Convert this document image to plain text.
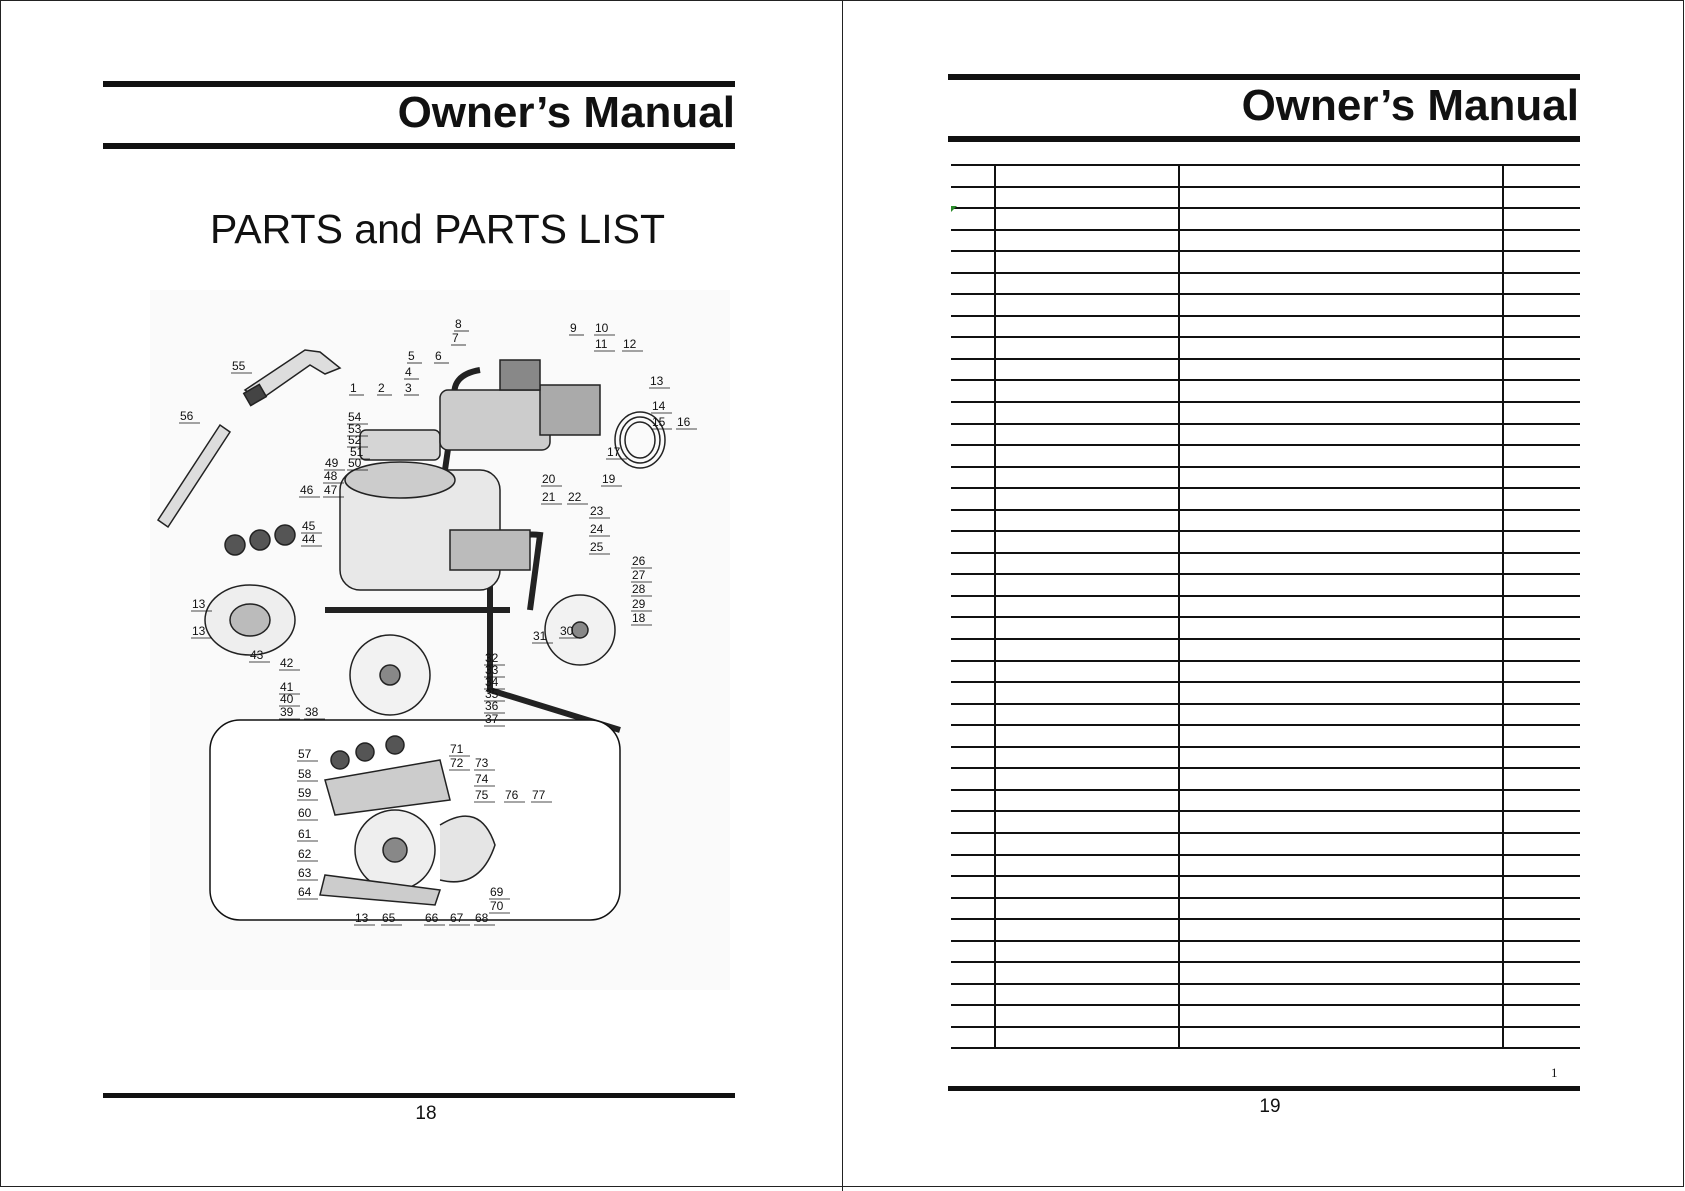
Owner’s Manual
PARTS and PARTS LIST
1 2 3
4
5 6
7
8	9 10
11 12
13
14
15 16
17
18
19
20
21 22
23
24
25
26
27
28
29
30
31
32
33
34
35
36
37
38
39
40
41
42
43
44
45
46 47
48
49 50
51
52
53
54
55
56
57
58
59
60
61
62
63
64
65 66 67 68
69
70
71
72 73
74
75 76 77
13
13
13
18
Owner’s Manual

1
19
